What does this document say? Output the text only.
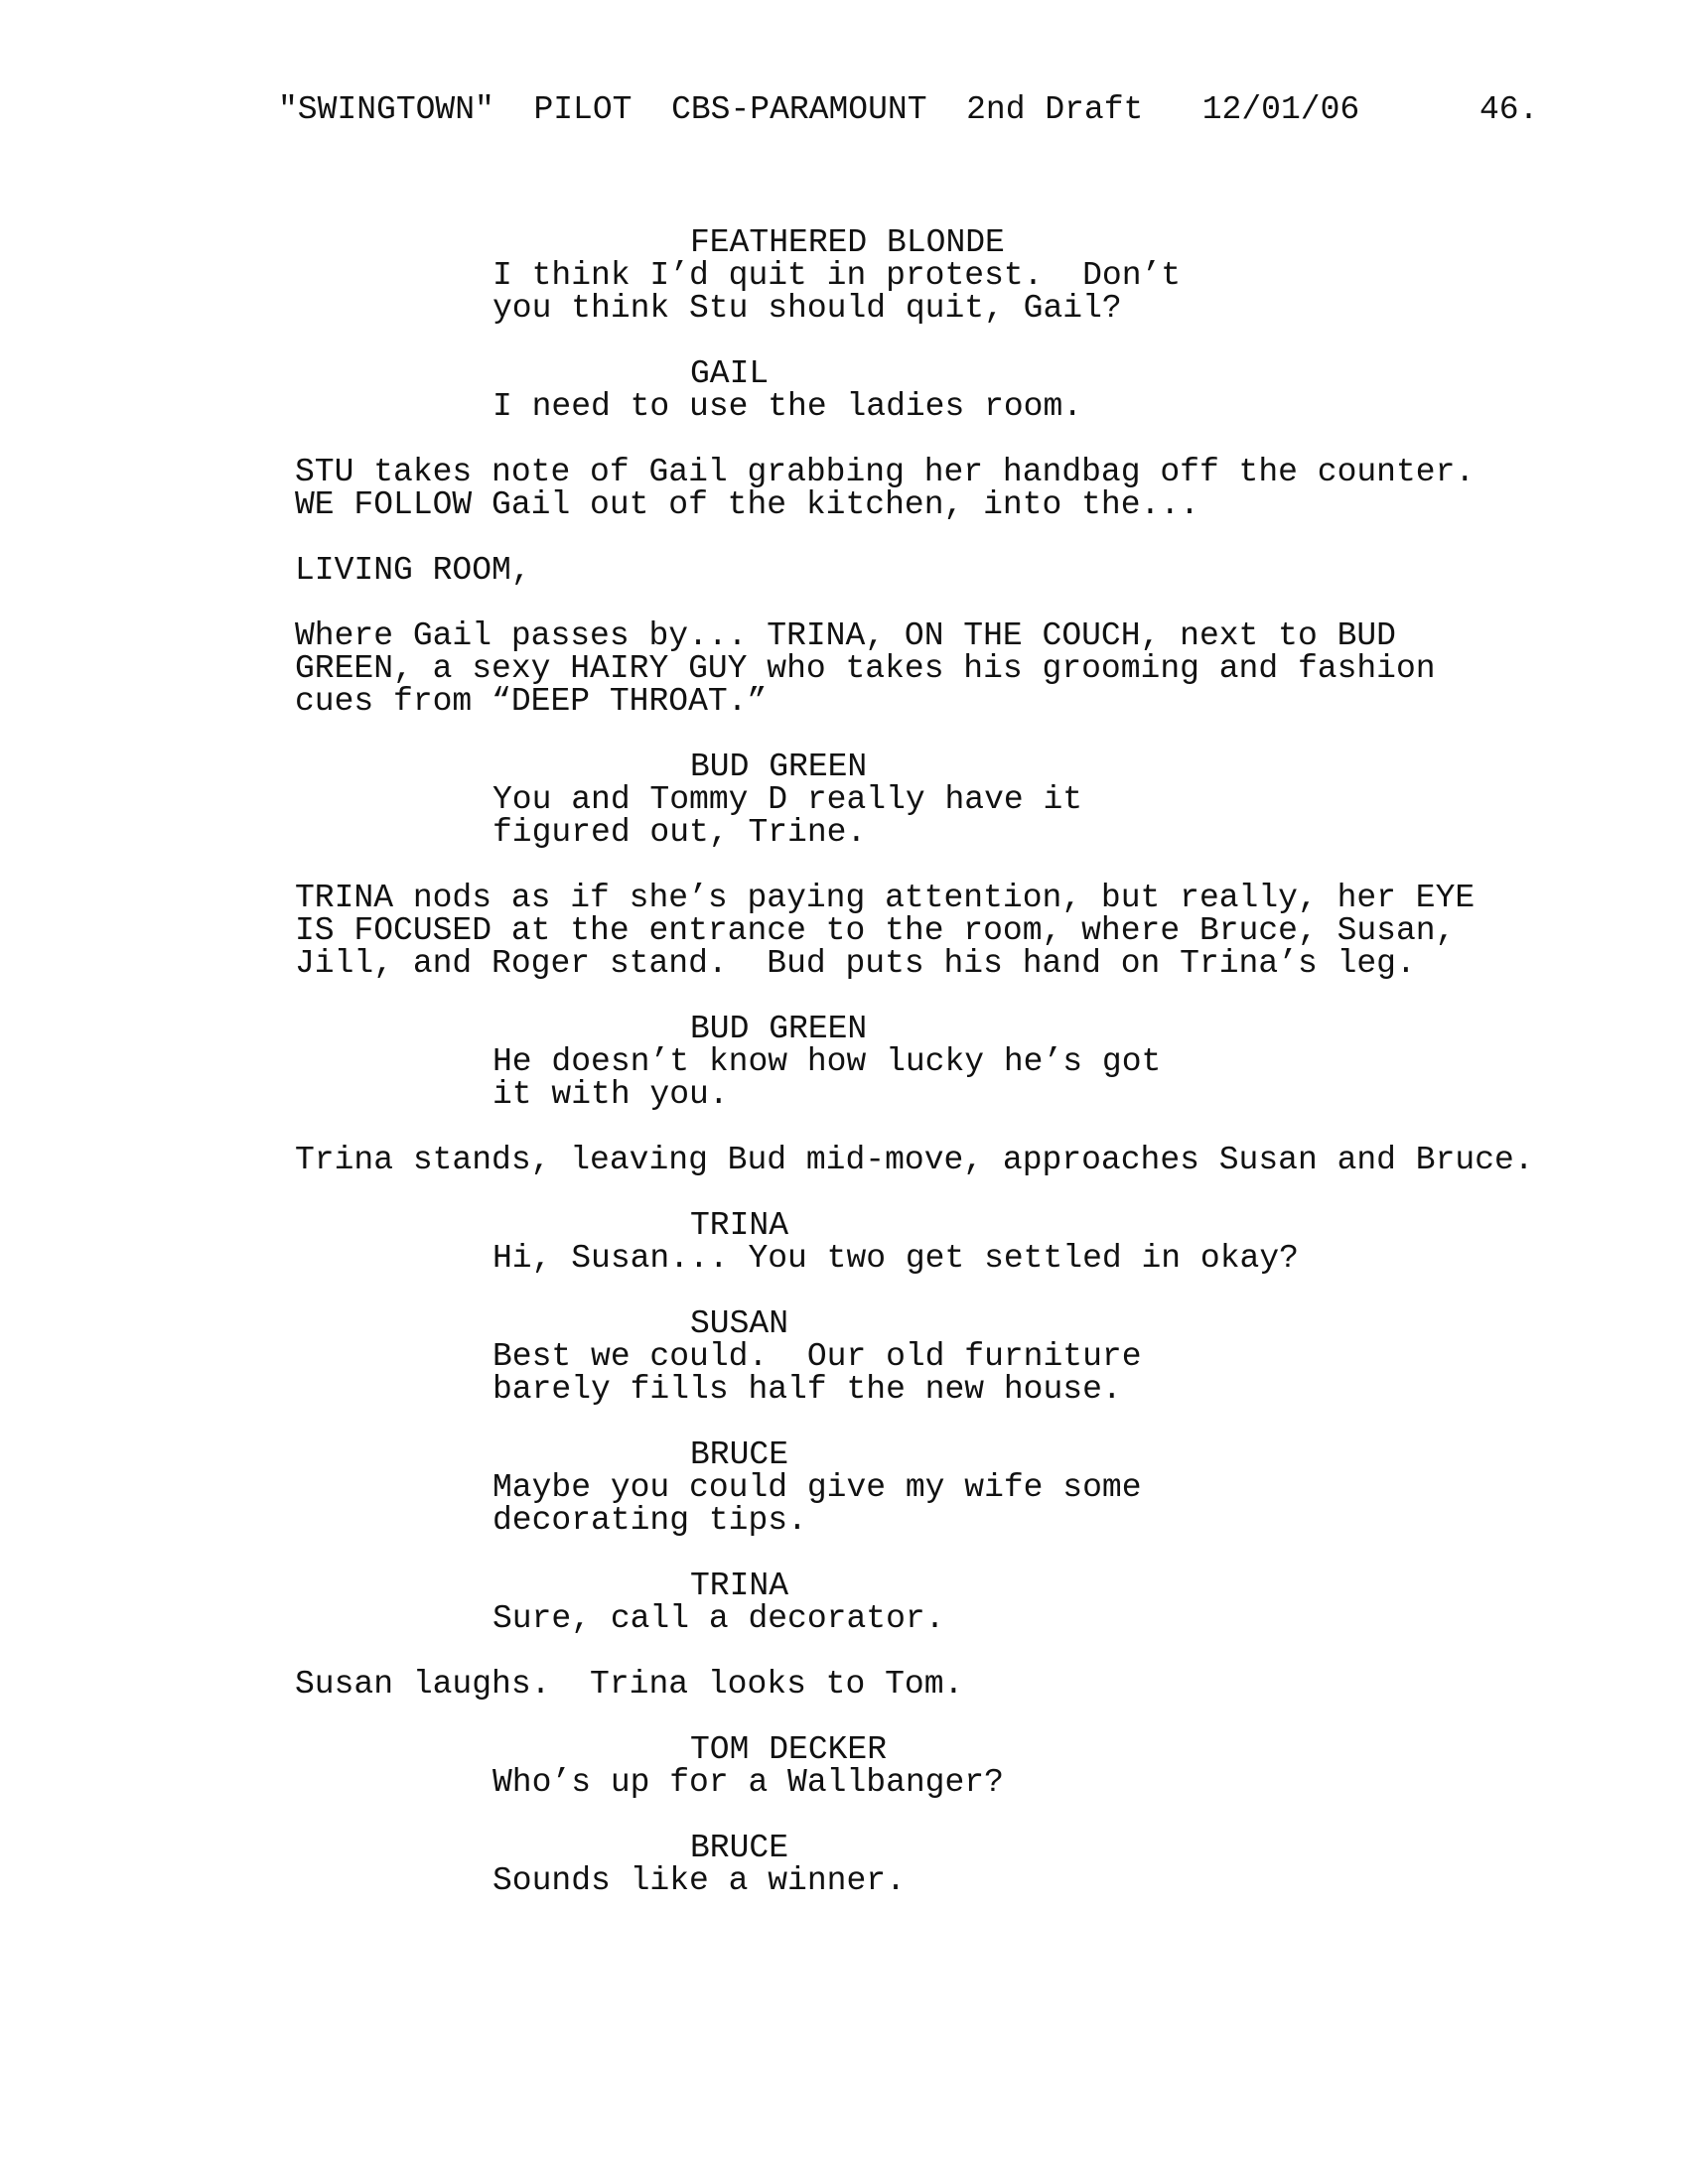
"SWINGTOWN"  PILOT  CBS-PARAMOUNT  2nd Draft   12/01/06	46.
FEATHERED BLONDE
I think I’d quit in protest.  Don’t
you think Stu should quit, Gail?
GAIL
I need to use the ladies room.
STU takes note of Gail grabbing her handbag off the counter.
WE FOLLOW Gail out of the kitchen, into the...
LIVING ROOM,
Where Gail passes by... TRINA, ON THE COUCH, next to BUD
GREEN, a sexy HAIRY GUY who takes his grooming and fashion
cues from “DEEP THROAT.”
BUD GREEN
You and Tommy D really have it
figured out, Trine.
TRINA nods as if she’s paying attention, but really, her EYE
IS FOCUSED at the entrance to the room, where Bruce, Susan,
Jill, and Roger stand.  Bud puts his hand on Trina’s leg.
BUD GREEN
He doesn’t know how lucky he’s got
it with you.
Trina stands, leaving Bud mid-move, approaches Susan and Bruce.
TRINA
Hi, Susan... You two get settled in okay?
SUSAN
Best we could.  Our old furniture
barely fills half the new house.
BRUCE
Maybe you could give my wife some
decorating tips.
TRINA
Sure, call a decorator.
Susan laughs.  Trina looks to Tom.
TOM DECKER
Who’s up for a Wallbanger?
BRUCE
Sounds like a winner.
